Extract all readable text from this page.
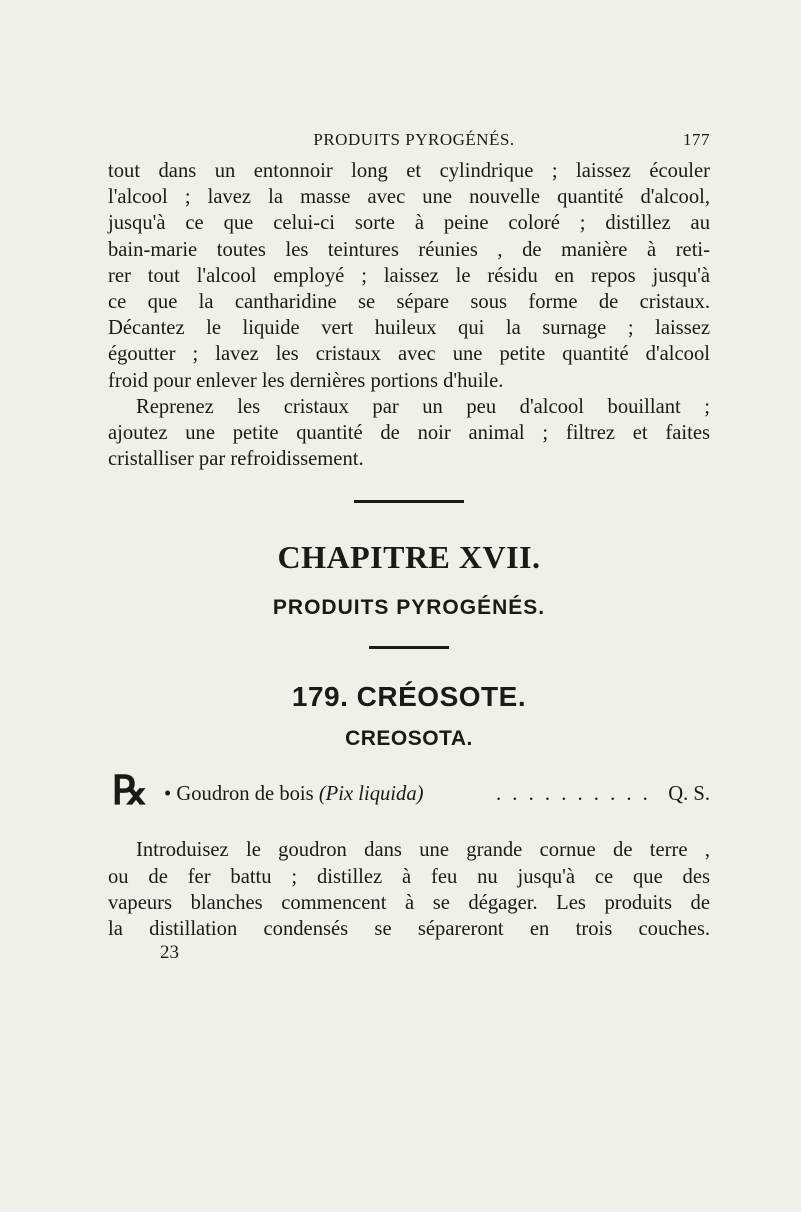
PRODUITS PYROGÉNÉS.	177

tout dans un entonnoir long et cylindrique ; laissez écouler
l'alcool ; lavez la masse avec une nouvelle quantité d'alcool,
jusqu'à ce que celui-ci sorte à peine coloré ; distillez au
bain-marie toutes les teintures réunies , de manière à reti-
rer tout l'alcool employé ; laissez le résidu en repos jusqu'à
ce que la cantharidine se sépare sous forme de cristaux.
Décantez le liquide vert huileux qui la surnage ; laissez
égoutter ; lavez les cristaux avec une petite quantité d'alcool
froid pour enlever les dernières portions d'huile.

Reprenez les cristaux par un peu d'alcool bouillant ;
ajoutez une petite quantité de noir animal ; filtrez et faites
cristalliser par refroidissement.

CHAPITRE XVII.
PRODUITS PYROGÉNÉS.
179. CRÉOSOTE.
CREOSOTA.
℞ • Goudron de bois (Pix liquida)	. . . . . . . . . . Q. S.

Introduisez le goudron dans une grande cornue de terre ,
ou de fer battu ; distillez à feu nu jusqu'à ce que des
vapeurs blanches commencent à se dégager. Les produits de
la distillation condensés se sépareront en trois couches.

23
